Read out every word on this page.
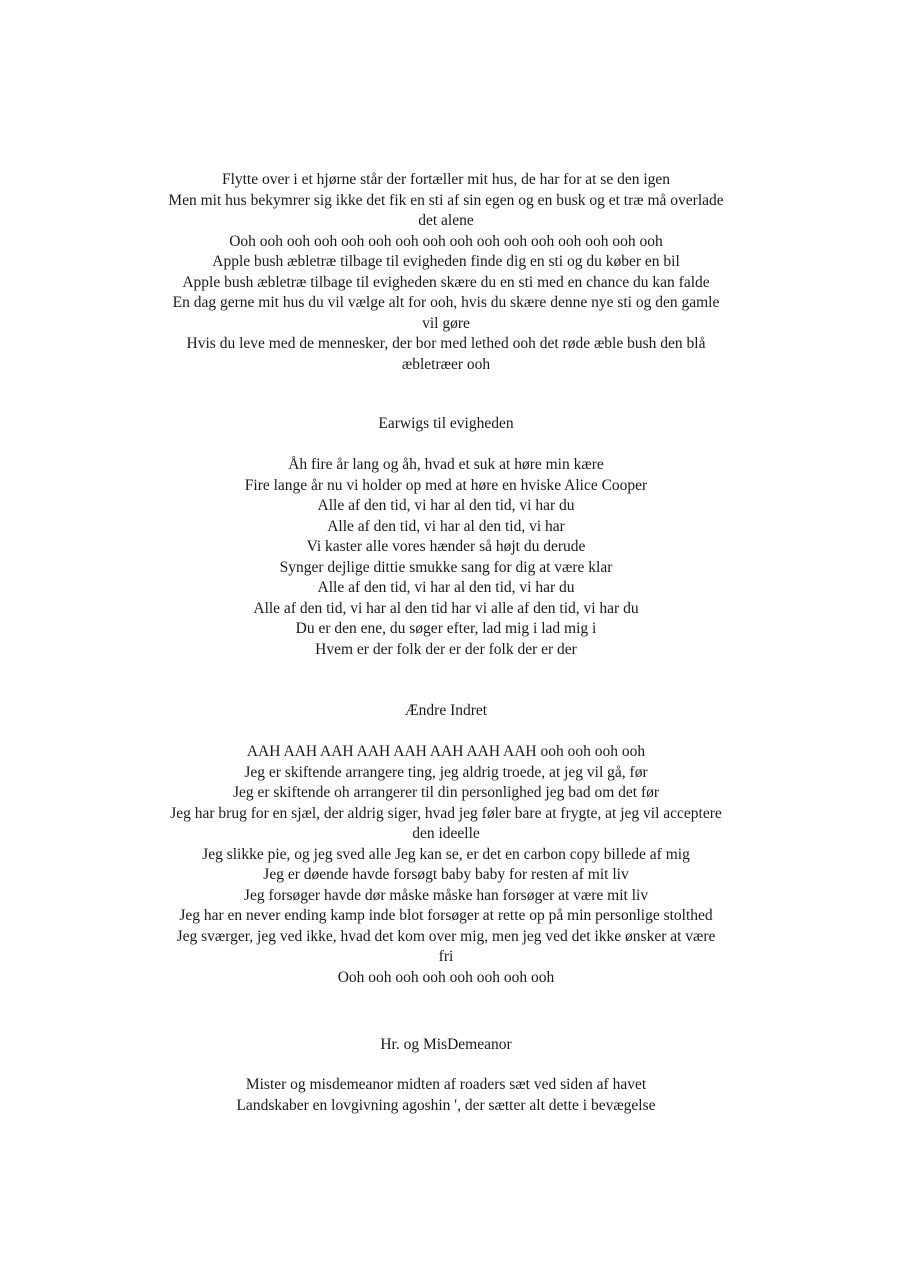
Flytte over i et hjørne står der fortæller mit hus, de har for at se den igen
Men mit hus bekymrer sig ikke det fik en sti af sin egen og en busk og et træ må overlade
det alene
Ooh ooh ooh ooh ooh ooh ooh ooh ooh ooh ooh ooh ooh ooh ooh ooh
Apple bush æbletræ tilbage til evigheden finde dig en sti og du køber en bil
Apple bush æbletræ tilbage til evigheden skære du en sti med en chance du kan falde
En dag gerne mit hus du vil vælge alt for ooh, hvis du skære denne nye sti og den gamle
vil gøre
Hvis du leve med de mennesker, der bor med lethed ooh det røde æble bush den blå
æbletræer ooh
Earwigs til evigheden
Åh fire år lang og åh, hvad et suk at høre min kære
Fire lange år nu vi holder op med at høre en hviske Alice Cooper
Alle af den tid, vi har al den tid, vi har du
Alle af den tid, vi har al den tid, vi har
Vi kaster alle vores hænder så højt du derude
Synger dejlige dittie smukke sang for dig at være klar
Alle af den tid, vi har al den tid, vi har du
Alle af den tid, vi har al den tid har vi alle af den tid, vi har du
Du er den ene, du søger efter, lad mig i lad mig i
Hvem er der folk der er der folk der er der
Ændre Indret
AAH AAH AAH AAH AAH AAH AAH AAH ooh ooh ooh ooh
Jeg er skiftende arrangere ting, jeg aldrig troede, at jeg vil gå, før
Jeg er skiftende oh arrangerer til din personlighed jeg bad om det før
Jeg har brug for en sjæl, der aldrig siger, hvad jeg føler bare at frygte, at jeg vil acceptere
den ideelle
Jeg slikke pie, og jeg sved alle Jeg kan se, er det en carbon copy billede af mig
Jeg er døende havde forsøgt baby baby for resten af mit liv
Jeg forsøger havde dør måske måske han forsøger at være mit liv
Jeg har en never ending kamp inde blot forsøger at rette op på min personlige stolthed
Jeg sværger, jeg ved ikke, hvad det kom over mig, men jeg ved det ikke ønsker at være
fri
Ooh ooh ooh ooh ooh ooh ooh ooh
Hr. og MisDemeanor
Mister og misdemeanor midten af roaders sæt ved siden af havet
Landskaber en lovgivning agoshin ', der sætter alt dette i bevægelse
